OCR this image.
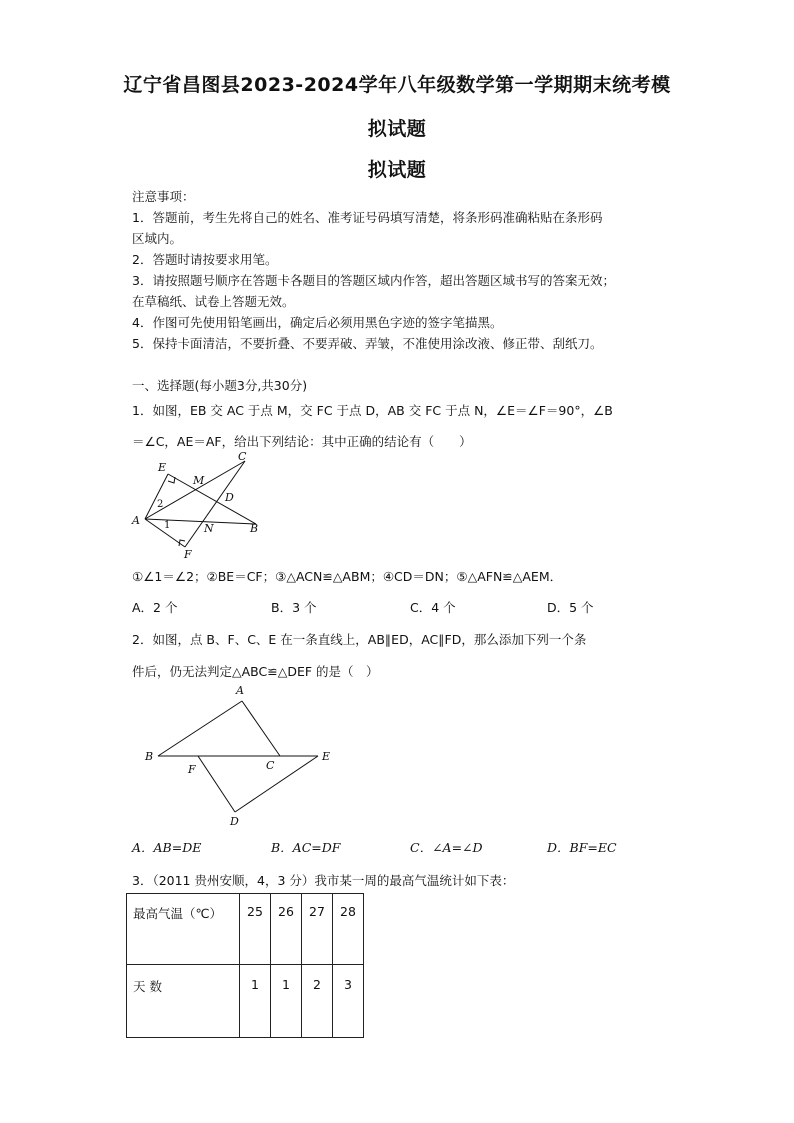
辽宁省昌图县2023-2024学年八年级数学第一学期期末统考模
拟试题
拟试题
注意事项：
1．答题前，考生先将自己的姓名、准考证号码填写清楚，将条形码准确粘贴在条形码
区域内。
2．答题时请按要求用笔。
3．请按照题号顺序在答题卡各题目的答题区域内作答，超出答题区域书写的答案无效；
在草稿纸、试卷上答题无效。
4．作图可先使用铅笔画出，确定后必须用黑色字迹的签字笔描黑。
5．保持卡面清洁，不要折叠、不要弄破、弄皱，不准使用涂改液、修正带、刮纸刀。
一、选择题(每小题3分,共30分)
1．如图，EB 交 AC 于点 M，交 FC 于点 D，AB 交 FC 于点 N，∠E＝∠F＝90°，∠B
＝∠C，AE＝AF，给出下列结论：其中正确的结论有（　　）
E
C
M
D
A
B
N
F
2
1
①∠1＝∠2；②BE＝CF；③△ACN≌△ABM；④CD＝DN；⑤△AFN≌△AEM．
A．2 个	B．3 个	C．4 个	D．5 个
2．如图，点 B、F、C、E 在一条直线上，AB∥ED，AC∥FD，那么添加下列一个条
件后，仍无法判定△ABC≌△DEF 的是（　）
A
B
F	C
E
D
A．AB=DE	B．AC=DF	C．∠A=∠D	D．BF=EC
3．（2011 贵州安顺，4，3 分）我市某一周的最高气温统计如下表：
最高气温（℃）	25	26	27	28
天 数	1	1	2	3
